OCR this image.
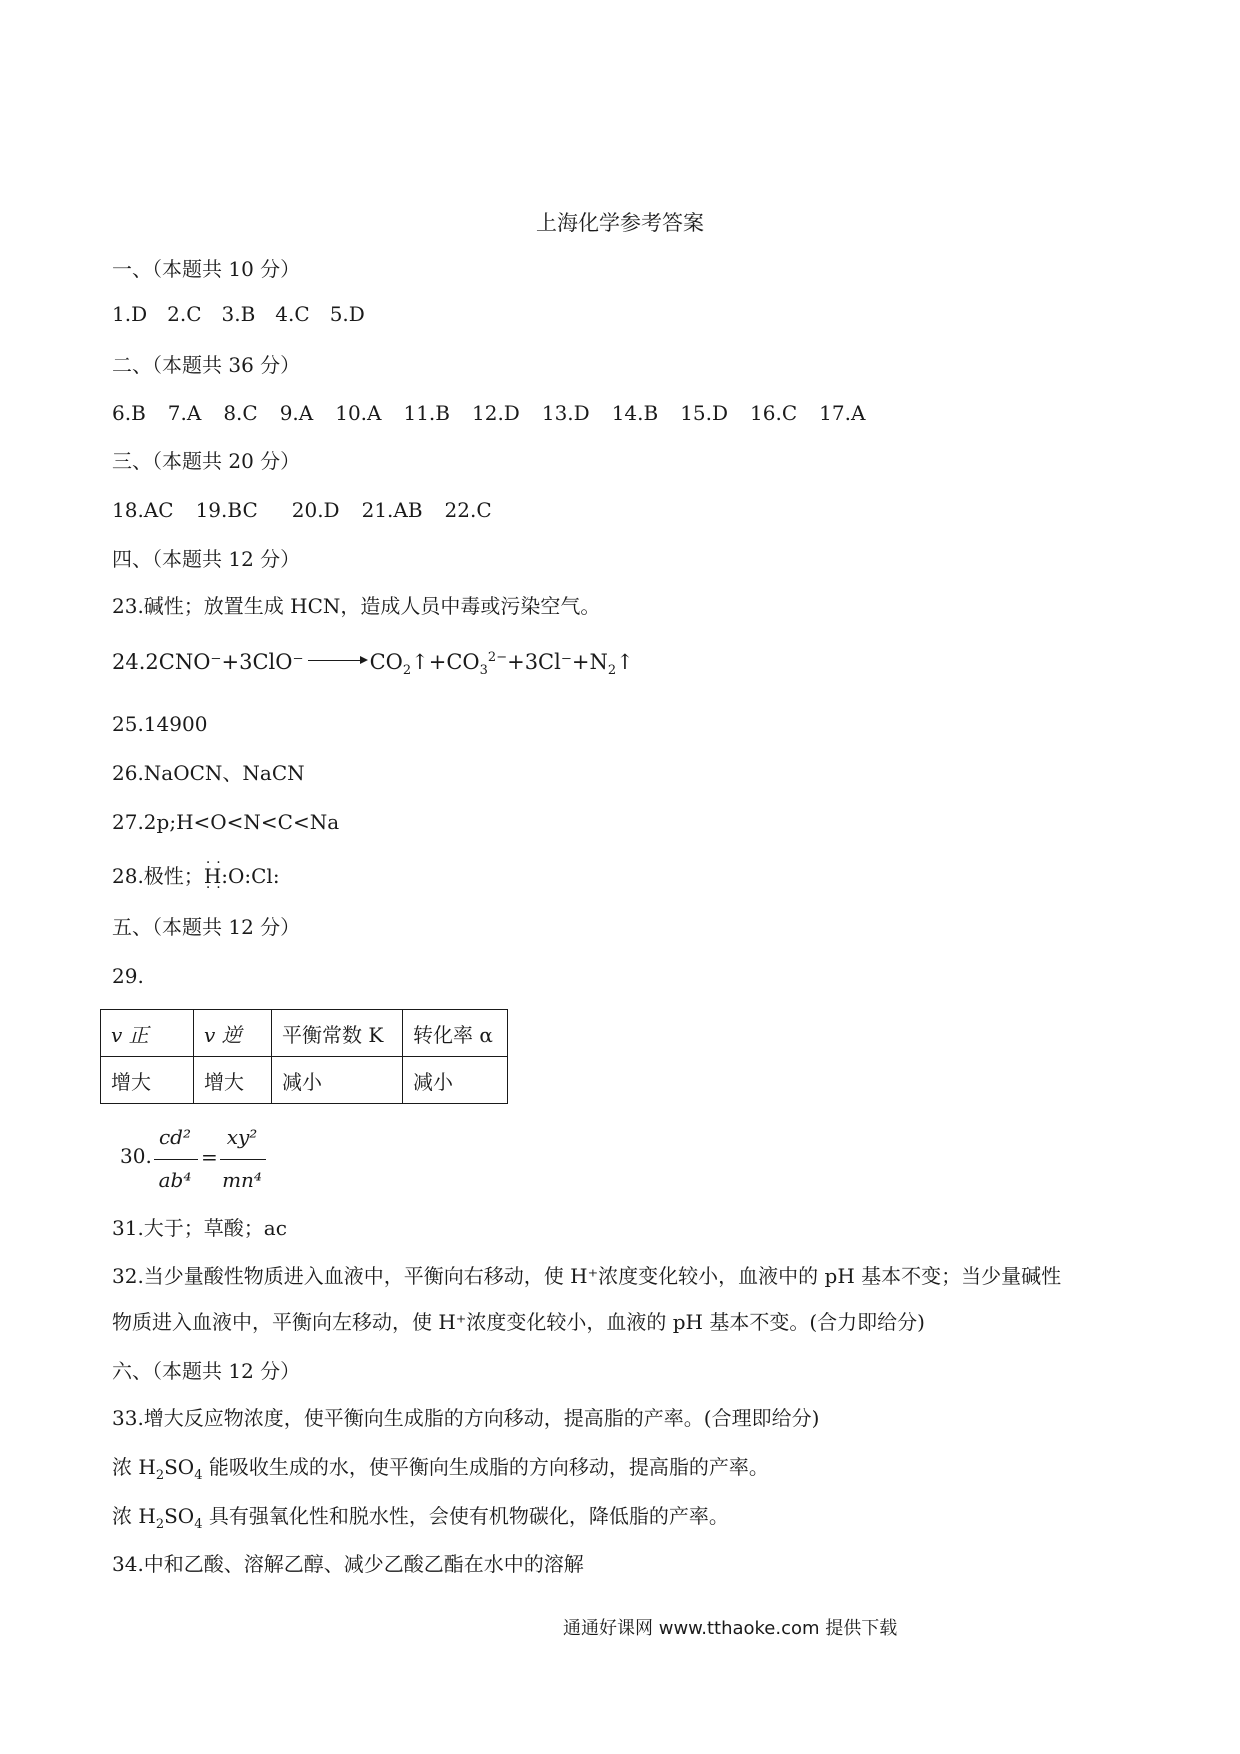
上海化学参考答案
一、（本题共 10 分）
1.D 2.C 3.B 4.C 5.D
二、（本题共 36 分）
6.B 7.A 8.C 9.A 10.A 11.B 12.D 13.D 14.B 15.D 16.C 17.A
三、（本题共 20 分）
18.AC 19.BC 20.D 21.AB 22.C
四、（本题共 12 分）
23.碱性；放置生成 HCN，造成人员中毒或污染空气。
$24.2CNO^-+3ClO^- \to CO_2↑+CO_3^{2-}+3Cl^-+N_2↑$
25.14900
26.NaOCN、NaCN
27.2p;H<O<N<C<Na
28.极性；·· H:O:Cl: ··
五、（本题共 12 分）
29.
v 正	v 逆	平衡常数 K	转化率 α
增大	增大	减小	减小
30.
cd²
ab⁴
=
xy²
mn⁴
31.大于；草酸；ac
32.当少量酸性物质进入血液中，平衡向右移动，使 H⁺浓度变化较小，血液中的 pH 基本不变；当少量碱性
物质进入血液中，平衡向左移动，使 H⁺浓度变化较小，血液的 pH 基本不变。(合力即给分)
六、（本题共 12 分）
33.增大反应物浓度，使平衡向生成脂的方向移动，提高脂的产率。(合理即给分)
浓 $H_2SO_4$ 能吸收生成的水，使平衡向生成脂的方向移动，提高脂的产率。
浓 $H_2SO_4$ 具有强氧化性和脱水性，会使有机物碳化，降低脂的产率。
34.中和乙酸、溶解乙醇、减少乙酸乙酯在水中的溶解
通通好课网 www.tthaoke.com 提供下载
